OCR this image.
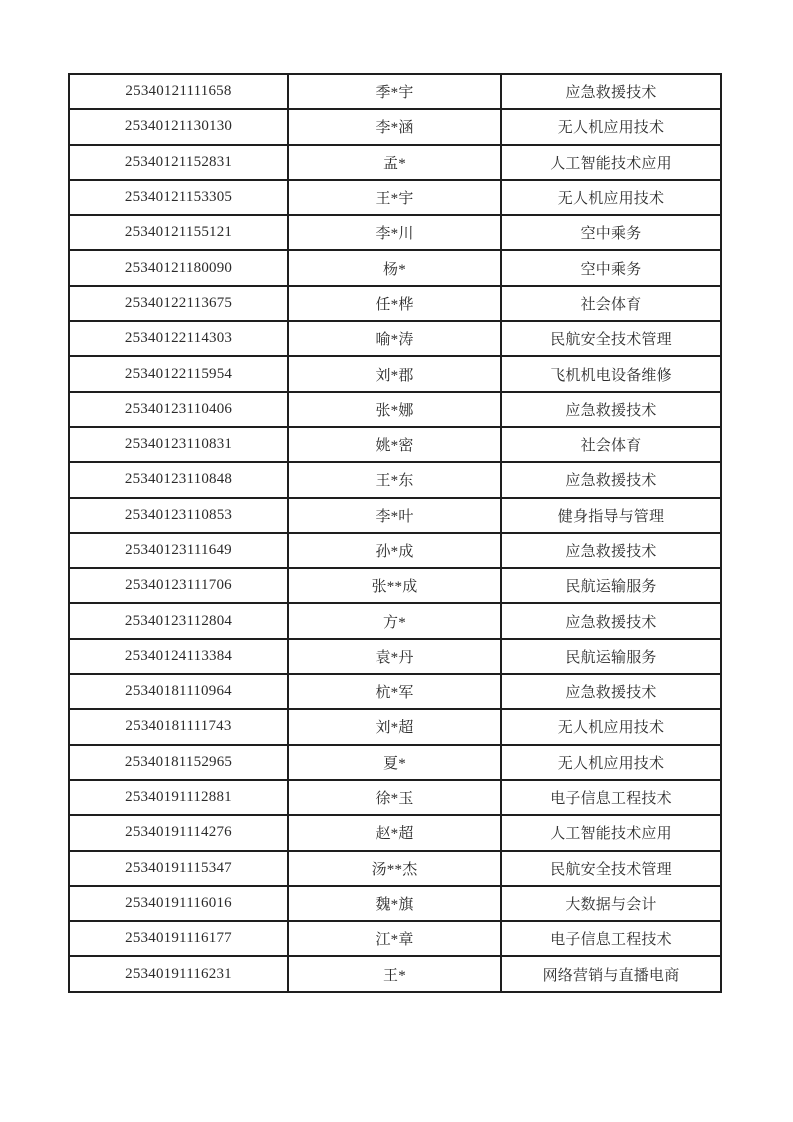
25340121111658	季*宇	应急救援技术
25340121130130	李*涵	无人机应用技术
25340121152831	孟*	人工智能技术应用
25340121153305	王*宇	无人机应用技术
25340121155121	李*川	空中乘务
25340121180090	杨*	空中乘务
25340122113675	任*桦	社会体育
25340122114303	喻*涛	民航安全技术管理
25340122115954	刘*郡	飞机机电设备维修
25340123110406	张*娜	应急救援技术
25340123110831	姚*密	社会体育
25340123110848	王*东	应急救援技术
25340123110853	李*叶	健身指导与管理
25340123111649	孙*成	应急救援技术
25340123111706	张**成	民航运输服务
25340123112804	方*	应急救援技术
25340124113384	袁*丹	民航运输服务
25340181110964	杭*军	应急救援技术
25340181111743	刘*超	无人机应用技术
25340181152965	夏*	无人机应用技术
25340191112881	徐*玉	电子信息工程技术
25340191114276	赵*超	人工智能技术应用
25340191115347	汤**杰	民航安全技术管理
25340191116016	魏*旗	大数据与会计
25340191116177	江*章	电子信息工程技术
25340191116231	王*	网络营销与直播电商
